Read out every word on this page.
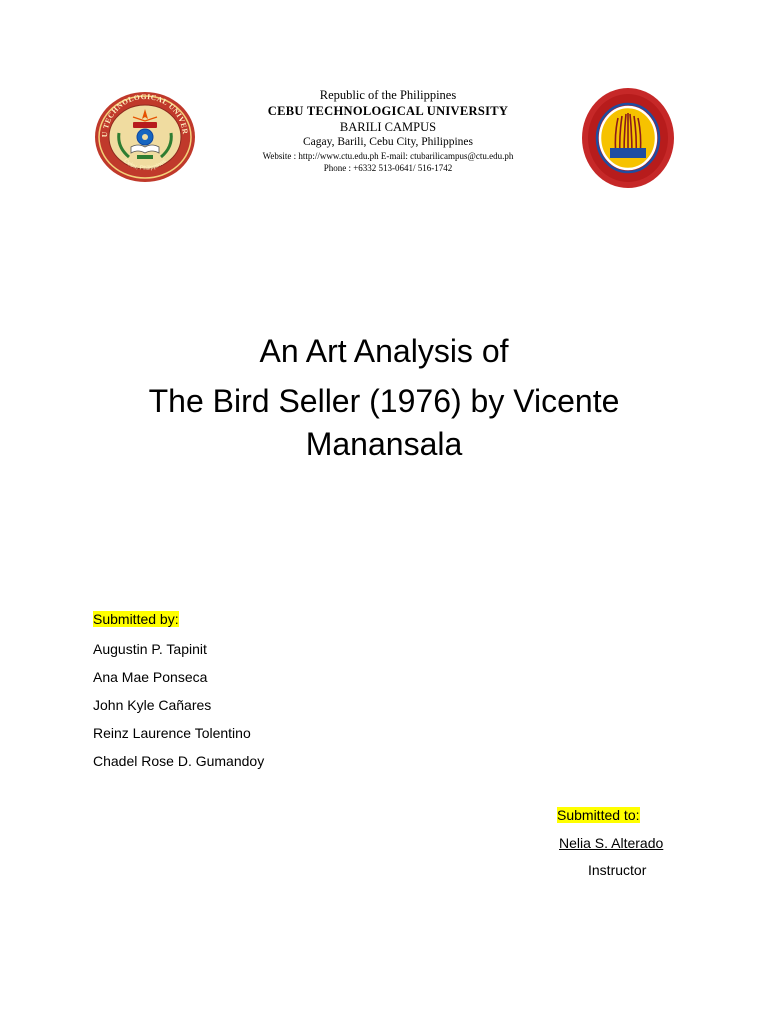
U TECHNOLOGICAL UNIVER
Cebu, Philippines
Republic of the Philippines
CEBU TECHNOLOGICAL UNIVERSITY
BARILI CAMPUS
Cagay, Barili, Cebu City, Philippines
Website : http://www.ctu.edu.ph E-mail: ctubarilicampus@ctu.edu.ph
Phone : +6332 513-0641/ 516-1742
An Art Analysis of
The Bird Seller (1976) by Vicente
Manansala
Submitted by:
Augustin P. Tapinit
Ana Mae Ponseca
John Kyle Cañares
Reinz Laurence Tolentino
Chadel Rose D. Gumandoy
Submitted to:
Nelia S. Alterado
Instructor
